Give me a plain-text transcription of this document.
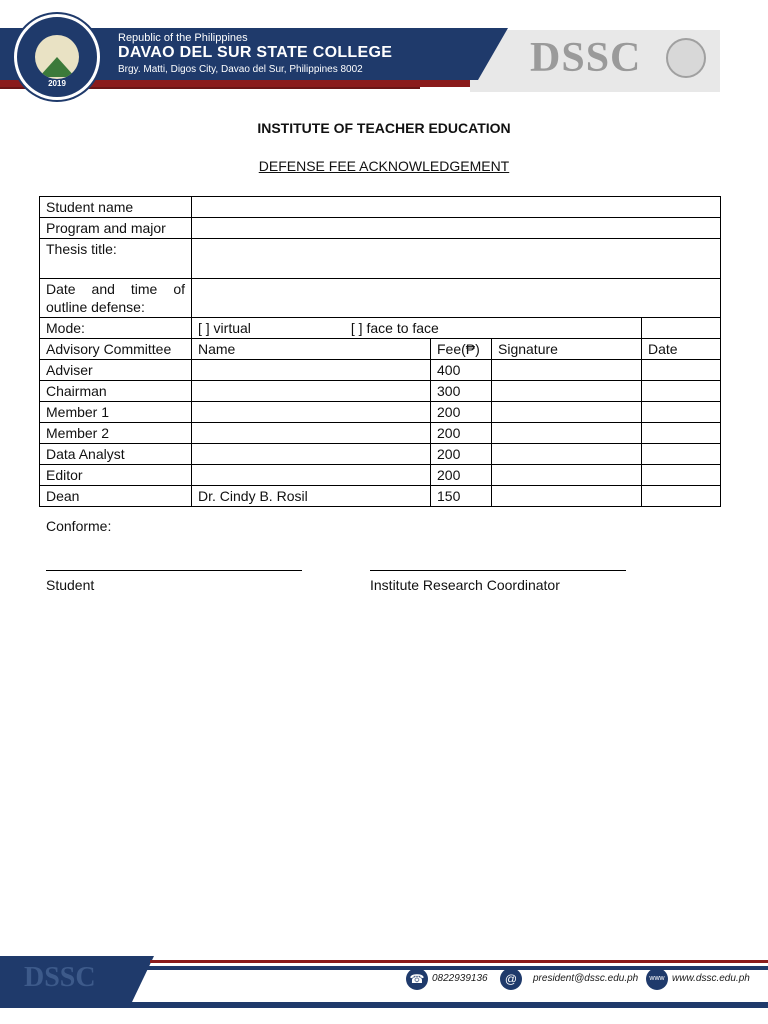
2019
Republic of the Philippines
DAVAO DEL SUR STATE COLLEGE
Brgy. Matti, Digos City, Davao del Sur, Philippines 8002	DSSC
INSTITUTE OF TEACHER EDUCATION
DEFENSE FEE ACKNOWLEDGEMENT
Student name				
Program and major				
Thesis title:				

Date and time of
outline defense:				

Mode:	[ ] virtual [ ] face to face			
Advisory Committee	Name	Fee(₱)	Signature	Date
Adviser		400		
Chairman		300		
Member 1		200		
Member 2		200		
Data Analyst		200		
Editor		200		
Dean	Dr. Cindy B. Rosil	150		
Conforme:
Student	Institute Research Coordinator
DSSC	☎ 0822939136	@	president@dssc.edu.ph	www www.dssc.edu.ph
